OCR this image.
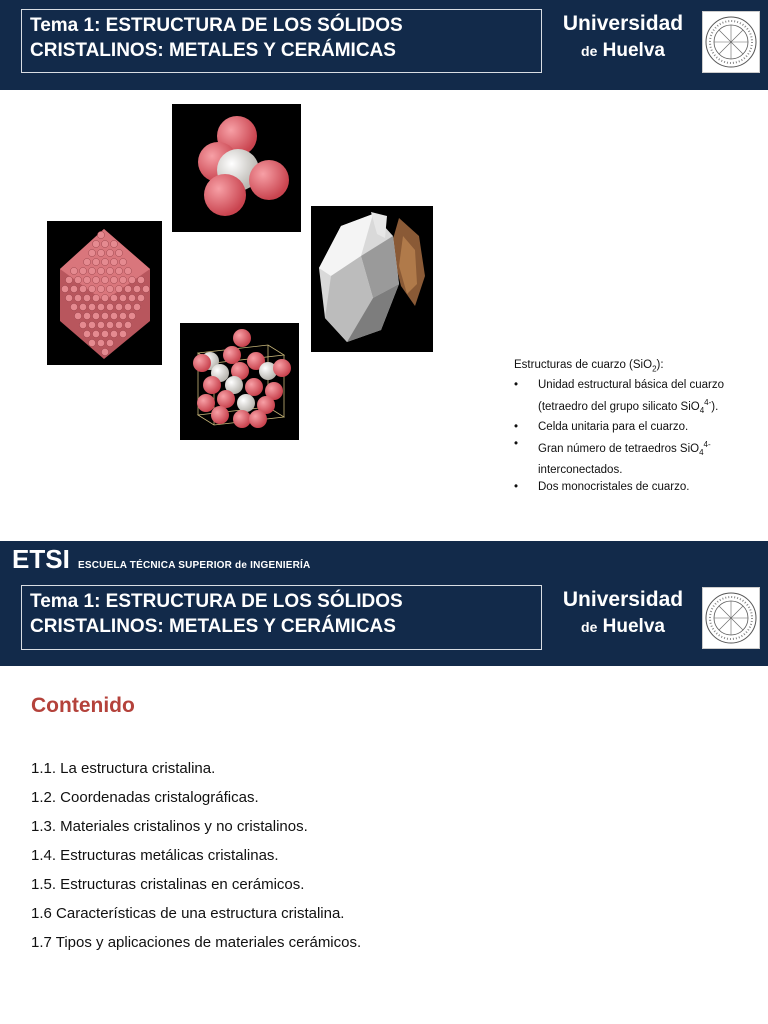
Tema 1: ESTRUCTURA DE LOS SÓLIDOS
CRISTALINOS: METALES Y CERÁMICAS
Universidad
de Huelva
Estructuras de cuarzo (SiO$_2$):
• Unidad estructural básica del cuarzo (tetraedro del grupo silicato SiO$_4^{4-}$).
• Celda unitaria para el cuarzo.
• Gran número de tetraedros SiO$_4^{4-}$ interconectados.
• Dos monocristales de cuarzo.
ETSI ESCUELA TÉCNICA SUPERIOR de INGENIERÍA
Tema 1: ESTRUCTURA DE LOS SÓLIDOS
CRISTALINOS: METALES Y CERÁMICAS
Universidad
de Huelva
Contenido
1.1. La estructura cristalina.
1.2. Coordenadas cristalográficas.
1.3. Materiales cristalinos y no cristalinos.
1.4. Estructuras metálicas cristalinas.
1.5. Estructuras cristalinas en cerámicos.
1.6 Características de una estructura cristalina.
1.7 Tipos y aplicaciones de materiales cerámicos.
